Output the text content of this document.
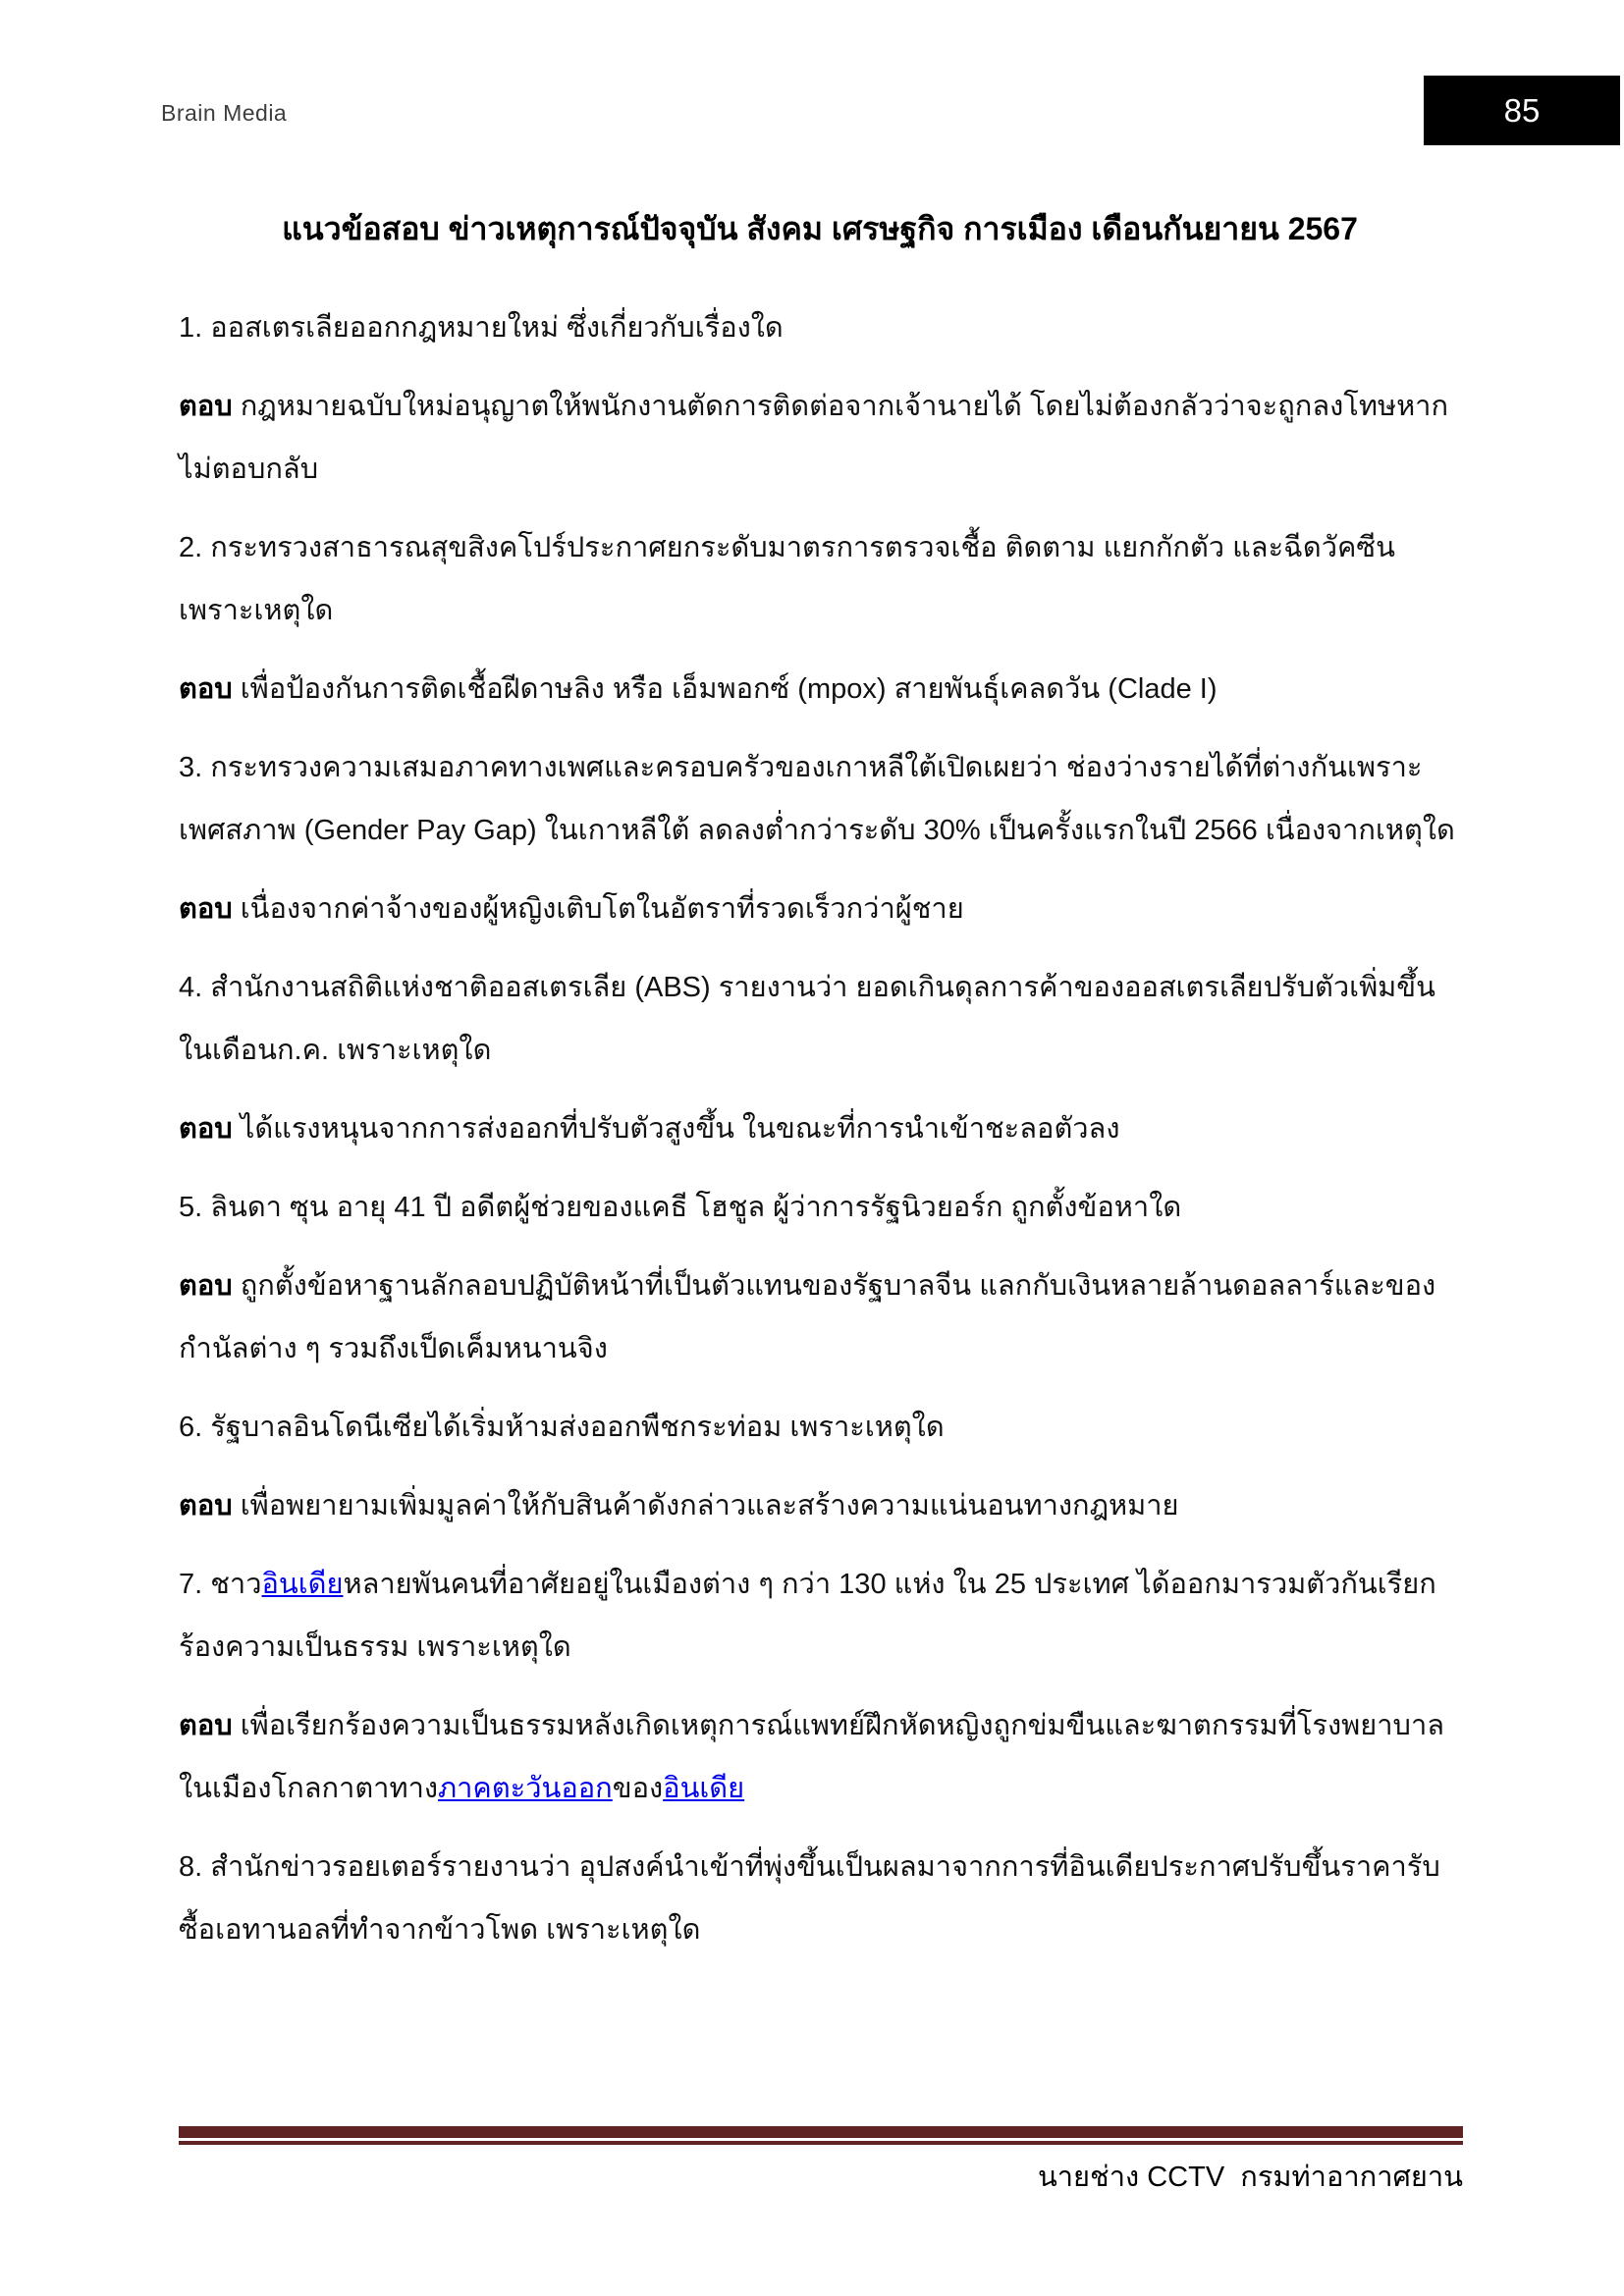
Brain Media	85
แนวข้อสอบ ข่าวเหตุการณ์ปัจจุบัน สังคม เศรษฐกิจ การเมือง เดือนกันยายน 2567

1. ออสเตรเลียออกกฎหมายใหม่ ซึ่งเกี่ยวกับเรื่องใด

ตอบ กฎหมายฉบับใหม่อนุญาตให้พนักงานตัดการติดต่อจากเจ้านายได้ โดยไม่ต้องกลัวว่าจะถูกลงโทษหากไม่ตอบกลับ

2. กระทรวงสาธารณสุขสิงคโปร์ประกาศยกระดับมาตรการตรวจเชื้อ ติดตาม แยกกักตัว และฉีดวัคซีน เพราะเหตุใด

ตอบ เพื่อป้องกันการติดเชื้อฝีดาษลิง หรือ เอ็มพอกซ์ (mpox) สายพันธุ์เคลดวัน (Clade I)

3. กระทรวงความเสมอภาคทางเพศและครอบครัวของเกาหลีใต้เปิดเผยว่า ช่องว่างรายได้ที่ต่างกันเพราะเพศสภาพ (Gender Pay Gap) ในเกาหลีใต้ ลดลงต่ำกว่าระดับ 30% เป็นครั้งแรกในปี 2566 เนื่องจากเหตุใด

ตอบ เนื่องจากค่าจ้างของผู้หญิงเติบโตในอัตราที่รวดเร็วกว่าผู้ชาย

4. สำนักงานสถิติแห่งชาติออสเตรเลีย (ABS) รายงานว่า ยอดเกินดุลการค้าของออสเตรเลียปรับตัวเพิ่มขึ้นในเดือนก.ค. เพราะเหตุใด

ตอบ ได้แรงหนุนจากการส่งออกที่ปรับตัวสูงขึ้น ในขณะที่การนำเข้าชะลอตัวลง

5. ลินดา ซุน อายุ 41 ปี อดีตผู้ช่วยของแคธี โฮชูล ผู้ว่าการรัฐนิวยอร์ก ถูกตั้งข้อหาใด

ตอบ ถูกตั้งข้อหาฐานลักลอบปฏิบัติหน้าที่เป็นตัวแทนของรัฐบาลจีน แลกกับเงินหลายล้านดอลลาร์และของกำนัลต่าง ๆ รวมถึงเป็ดเค็มหนานจิง

6. รัฐบาลอินโดนีเซียได้เริ่มห้ามส่งออกพืชกระท่อม เพราะเหตุใด

ตอบ เพื่อพยายามเพิ่มมูลค่าให้กับสินค้าดังกล่าวและสร้างความแน่นอนทางกฎหมาย

7. ชาวอินเดียหลายพันคนที่อาศัยอยู่ในเมืองต่าง ๆ กว่า 130 แห่ง ใน 25 ประเทศ ได้ออกมารวมตัวกันเรียกร้องความเป็นธรรม เพราะเหตุใด

ตอบ เพื่อเรียกร้องความเป็นธรรมหลังเกิดเหตุการณ์แพทย์ฝึกหัดหญิงถูกข่มขืนและฆาตกรรมที่โรงพยาบาลในเมืองโกลกาตาทางภาคตะวันออกของอินเดีย

8. สำนักข่าวรอยเตอร์รายงานว่า อุปสงค์นำเข้าที่พุ่งขึ้นเป็นผลมาจากการที่อินเดียประกาศปรับขึ้นราคารับซื้อเอทานอลที่ทำจากข้าวโพด เพราะเหตุใด

นายช่าง CCTV  กรมท่าอากาศยาน
